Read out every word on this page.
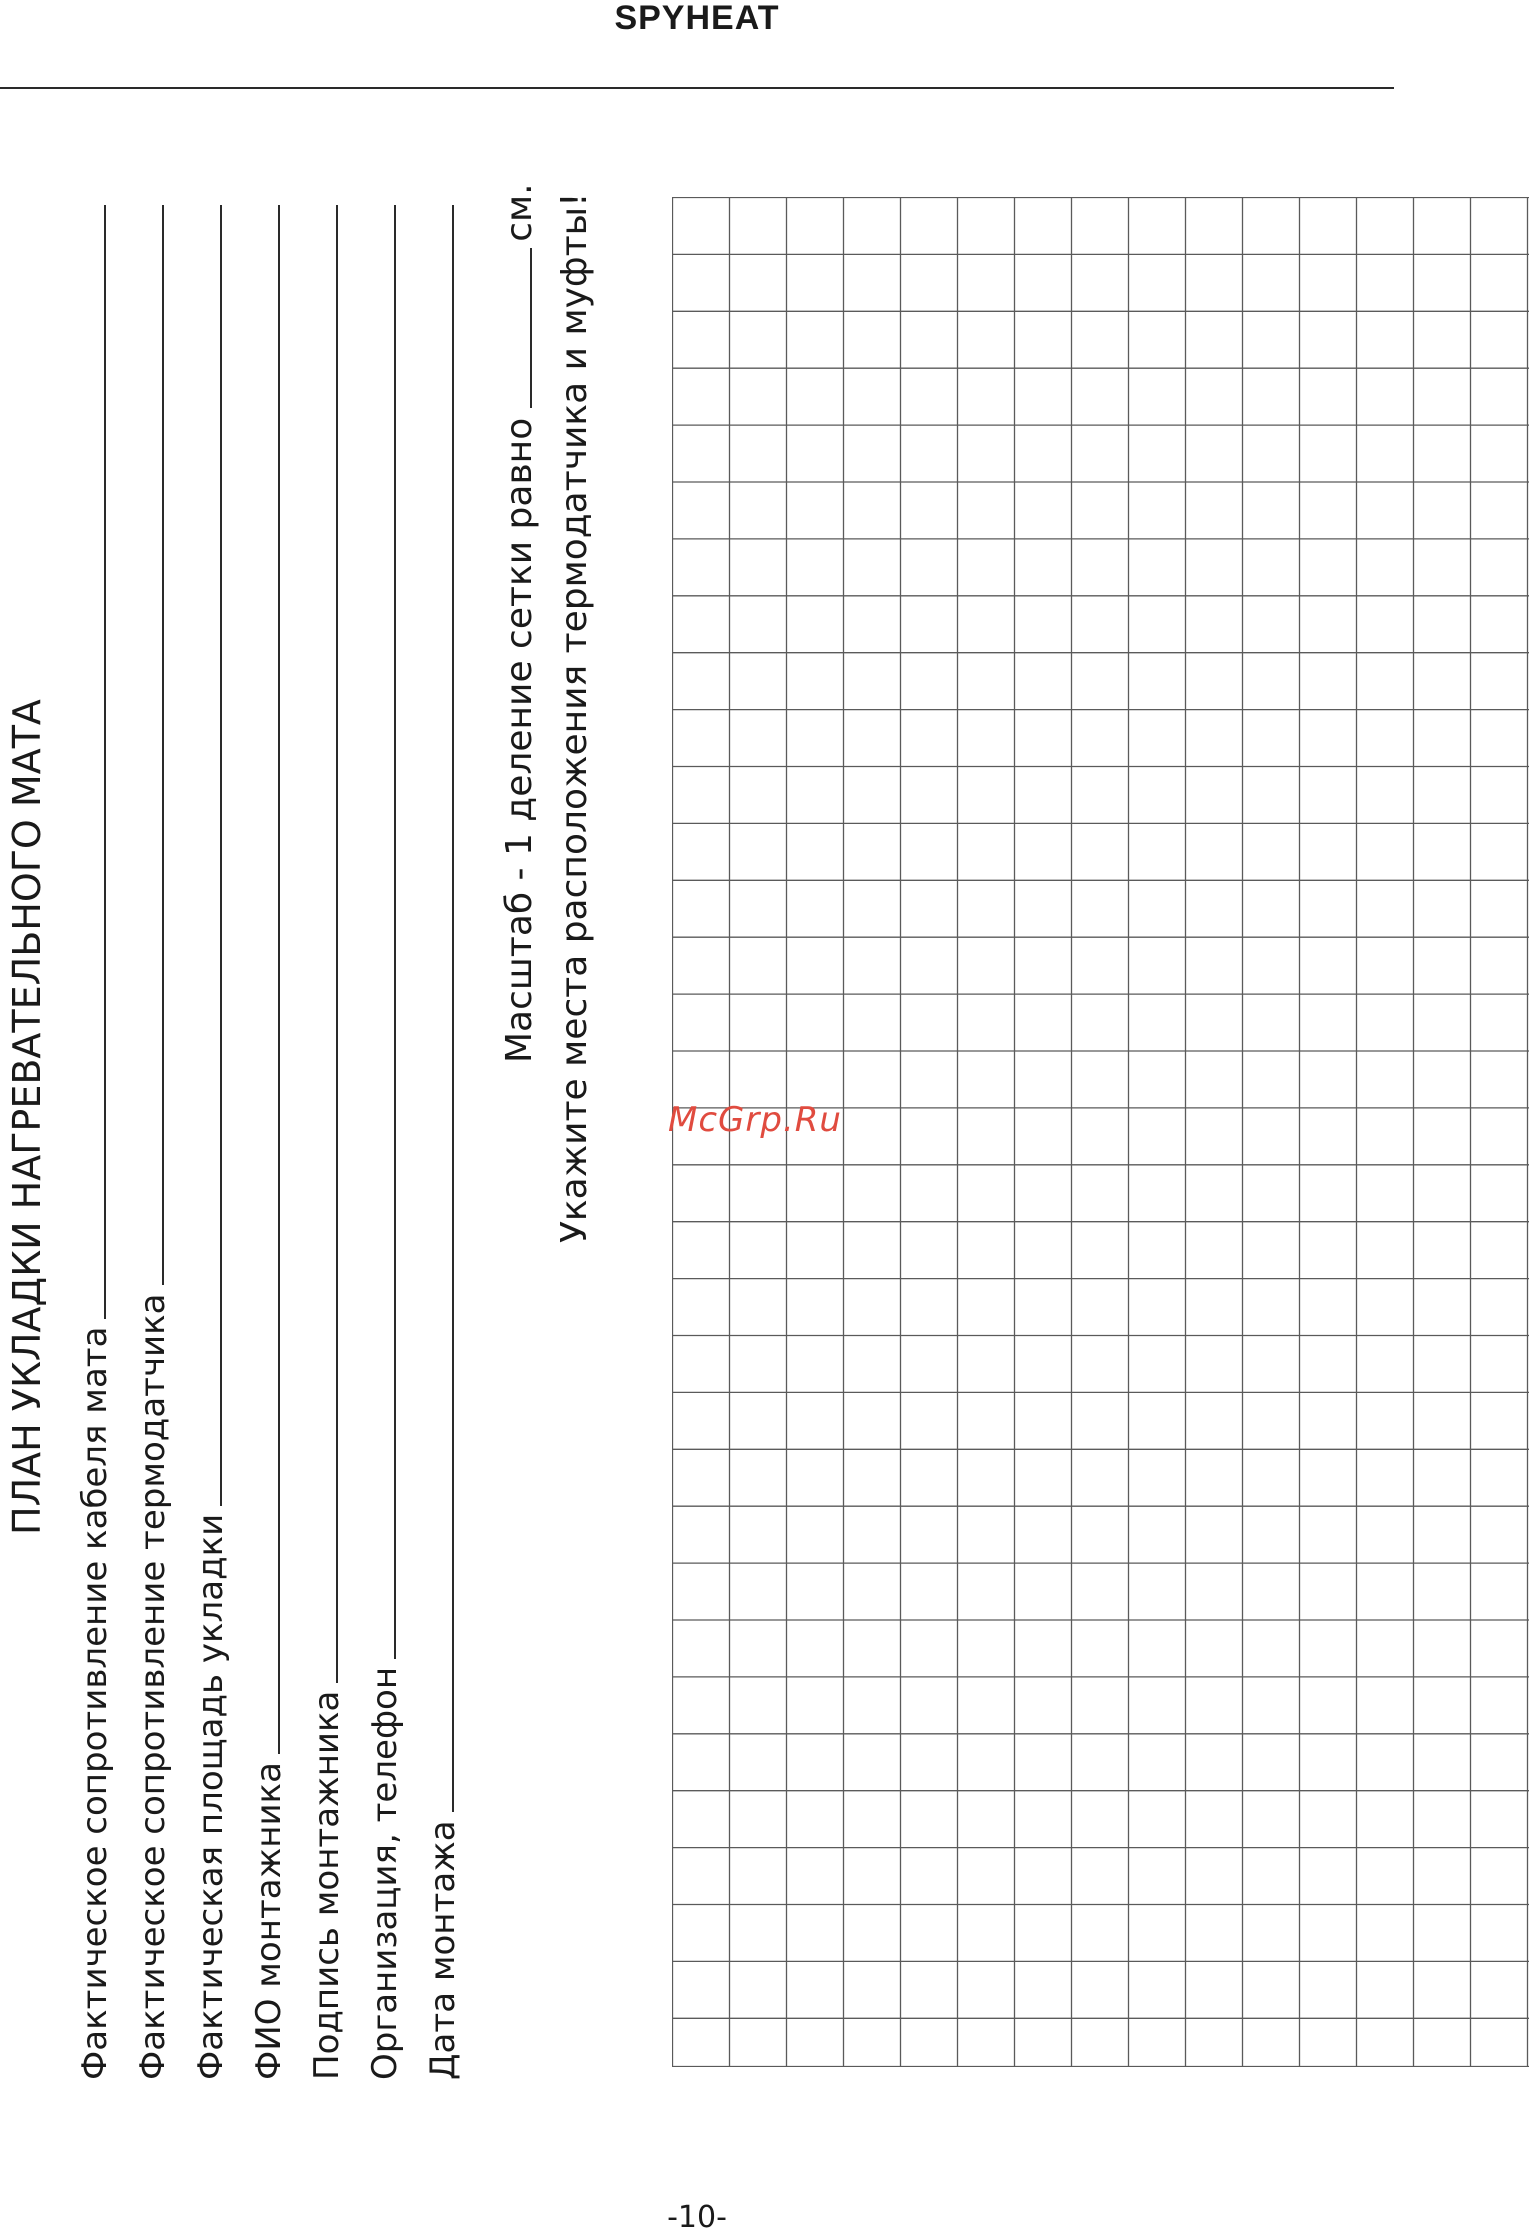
SPYHEAT
ПЛАН УКЛАДКИ НАГРЕВАТЕЛЬНОГО МАТА
Фактическое сопротивление кабеля мата Фактическое сопротивление термодатчика Фактическая площадь укладки ФИО монтажника Подпись монтажника Организация, телефон Дата монтажа
Масштаб - 1 деление сетки равно
см. Укажите места расположения термодатчика и муфты! McGrp.Ru
-10-
